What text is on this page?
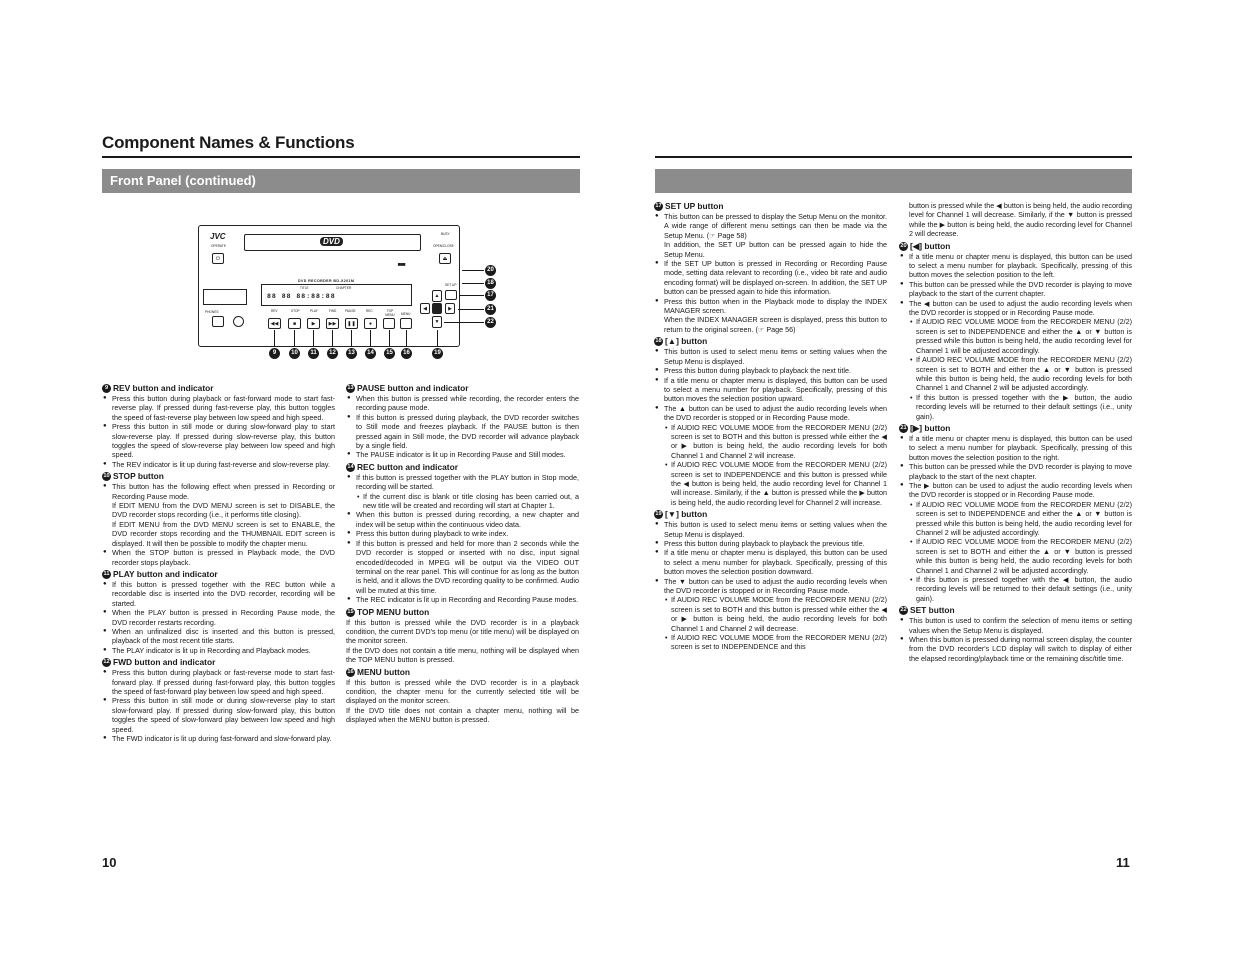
Component Names & Functions
Front Panel (continued)
JVC
OPERATE
⏻
DVD
BUSY
OPEN/CLOSE
⏏
▆▆▆
DVD RECORDER BD-X201M
TITLE	CHAPTER
88 88 88:88:88
PHONES	REV
◀◀
STOP
■
PLAY
▶
FWD
▶▶
PAUSE
❚❚
REC
●
TOP MENU	MENU
SET UP
▲
◀	▶
▼
9	10	11	12	13	14	15	16	19
20
18
17
21
22
9 REV button and indicator
● Press this button during playback or fast-forward mode to start fast-reverse play. If pressed during fast-reverse play, this button toggles the speed of fast-reverse play between low speed and high speed.
● Press this button in still mode or during slow-forward play to start slow-reverse play. If pressed during slow-reverse play, this button toggles the speed of slow-reverse play between low speed and high speed.
● The REV indicator is lit up during fast-reverse and slow-reverse play.
10 STOP button
● This button has the following effect when pressed in Recording or Recording Pause mode.
If EDIT MENU from the DVD MENU screen is set to DISABLE, the DVD recorder stops recording (i.e., it performs title closing).
If EDIT MENU from the DVD MENU screen is set to ENABLE, the DVD recorder stops recording and the THUMBNAIL EDIT screen is displayed. It will then be possible to modify the chapter menu.
● When the STOP button is pressed in Playback mode, the DVD recorder stops playback.
11 PLAY button and indicator
● If this button is pressed together with the REC button while a recordable disc is inserted into the DVD recorder, recording will be started.
● When the PLAY button is pressed in Recording Pause mode, the DVD recorder restarts recording.
● When an unfinalized disc is inserted and this button is pressed, playback of the most recent title starts.
● The PLAY indicator is lit up in Recording and Playback modes.
12 FWD button and indicator
● Press this button during playback or fast-reverse mode to start fast-forward play. If pressed during fast-forward play, this button toggles the speed of fast-forward play between low speed and high speed.
● Press this button in still mode or during slow-reverse play to start slow-forward play. If pressed during slow-forward play, this button toggles the speed of slow-forward play between low speed and high speed.
● The FWD indicator is lit up during fast-forward and slow-forward play.
13 PAUSE button and indicator
● When this button is pressed while recording, the recorder enters the recording pause mode.
● If this button is pressed during playback, the DVD recorder switches to Still mode and freezes playback. If the PAUSE button is then pressed again in Still mode, the DVD recorder will advance playback by a single field.
● The PAUSE indicator is lit up in Recording Pause and Still modes.
14 REC button and indicator
● If this button is pressed together with the PLAY button in Stop mode, recording will be started.
• If the current disc is blank or title closing has been carried out, a new title will be created and recording will start at Chapter 1.
● When this button is pressed during recording, a new chapter and index will be setup within the continuous video data.
● Press this button during playback to write index.
● If this button is pressed and held for more than 2 seconds while the DVD recorder is stopped or inserted with no disc, input signal encoded/decoded in MPEG will be output via the VIDEO OUT terminal on the rear panel. This will continue for as long as the button is held, and it allows the DVD recording quality to be confirmed. Audio will be muted at this time.
● The REC indicator is lit up in Recording and Recording Pause modes.
15 TOP MENU button
If this button is pressed while the DVD recorder is in a playback condition, the current DVD's top menu (or title menu) will be displayed on the monitor screen.
If the DVD does not contain a title menu, nothing will be displayed when the TOP MENU button is pressed.
16 MENU button
If this button is pressed while the DVD recorder is in a playback condition, the chapter menu for the currently selected title will be displayed on the monitor screen.
If the DVD title does not contain a chapter menu, nothing will be displayed when the MENU button is pressed.
17 SET UP button
● This button can be pressed to display the Setup Menu on the monitor. A wide range of different menu settings can then be made via the Setup Menu. (☞ Page 58)
In addition, the SET UP button can be pressed again to hide the Setup Menu.
● If the SET UP button is pressed in Recording or Recording Pause mode, setting data relevant to recording (i.e., video bit rate and audio encoding format) will be displayed on-screen. In addition, the SET UP button can be pressed again to hide this information.
● Press this button when in the Playback mode to display the INDEX MANAGER screen.
When the INDEX MANAGER screen is displayed, press this button to return to the original screen. (☞ Page 56)
18 [▲] button
● This button is used to select menu items or setting values when the Setup Menu is displayed.
● Press this button during playback to playback the next title.
● If a title menu or chapter menu is displayed, this button can be used to select a menu number for playback. Specifically, pressing of this button moves the selection position upward.
● The ▲ button can be used to adjust the audio recording levels when the DVD recorder is stopped or in Recording Pause mode.
• If AUDIO REC VOLUME MODE from the RECORDER MENU (2/2) screen is set to BOTH and this button is pressed while either the ◀ or ▶ button is being held, the audio recording levels for both Channel 1 and Channel 2 will increase.
• If AUDIO REC VOLUME MODE from the RECORDER MENU (2/2) screen is set to INDEPENDENCE and this button is pressed while the ◀ button is being held, the audio recording level for Channel 1 will increase. Similarly, if the ▲ button is pressed while the ▶ button is being held, the audio recording level for Channel 2 will increase.
19 [▼] button
● This button is used to select menu items or setting values when the Setup Menu is displayed.
● Press this button during playback to playback the previous title.
● If a title menu or chapter menu is displayed, this button can be used to select a menu number for playback. Specifically, pressing of this button moves the selection position downward.
● The ▼ button can be used to adjust the audio recording levels when the DVD recorder is stopped or in Recording Pause mode.
• If AUDIO REC VOLUME MODE from the RECORDER MENU (2/2) screen is set to BOTH and this button is pressed while either the ◀ or ▶ button is being held, the audio recording levels for both Channel 1 and Channel 2 will decrease.
• If AUDIO REC VOLUME MODE from the RECORDER MENU (2/2) screen is set to INDEPENDENCE and this
button is pressed while the ◀ button is being held, the audio recording level for Channel 1 will decrease. Similarly, if the ▼ button is pressed while the ▶ button is being held, the audio recording level for Channel 2 will decrease.
20 [◀] button
● If a title menu or chapter menu is displayed, this button can be used to select a menu number for playback. Specifically, pressing of this button moves the selection position to the left.
● This button can be pressed while the DVD recorder is playing to move playback to the start of the current chapter.
● The ◀ button can be used to adjust the audio recording levels when the DVD recorder is stopped or in Recording Pause mode.
• If AUDIO REC VOLUME MODE from the RECORDER MENU (2/2) screen is set to INDEPENDENCE and either the ▲ or ▼ button is pressed while this button is being held, the audio recording level for Channel 1 will be adjusted accordingly.
• If AUDIO REC VOLUME MODE from the RECORDER MENU (2/2) screen is set to BOTH and either the ▲ or ▼ button is pressed while this button is being held, the audio recording levels for both Channel 1 and Channel 2 will be adjusted accordingly.
• If this button is pressed together with the ▶ button, the audio recording levels will be returned to their default settings (i.e., unity gain).
21 [▶] button
● If a title menu or chapter menu is displayed, this button can be used to select a menu number for playback. Specifically, pressing of this button moves the selection position to the right.
● This button can be pressed while the DVD recorder is playing to move playback to the start of the next chapter.
● The ▶ button can be used to adjust the audio recording levels when the DVD recorder is stopped or in Recording Pause mode.
• If AUDIO REC VOLUME MODE from the RECORDER MENU (2/2) screen is set to INDEPENDENCE and either the ▲ or ▼ button is pressed while this button is being held, the audio recording level for Channel 2 will be adjusted accordingly.
• If AUDIO REC VOLUME MODE from the RECORDER MENU (2/2) screen is set to BOTH and either the ▲ or ▼ button is pressed while this button is being held, the audio recording levels for both Channel 1 and Channel 2 will be adjusted accordingly.
• If this button is pressed together with the ◀ button, the audio recording levels will be returned to their default settings (i.e., unity gain).
22 SET button
● This button is used to confirm the selection of menu items or setting values when the Setup Menu is displayed.
● When this button is pressed during normal screen display, the counter from the DVD recorder's LCD display will switch to display of either the elapsed recording/playback time or the remaining disc/title time.
10	11
